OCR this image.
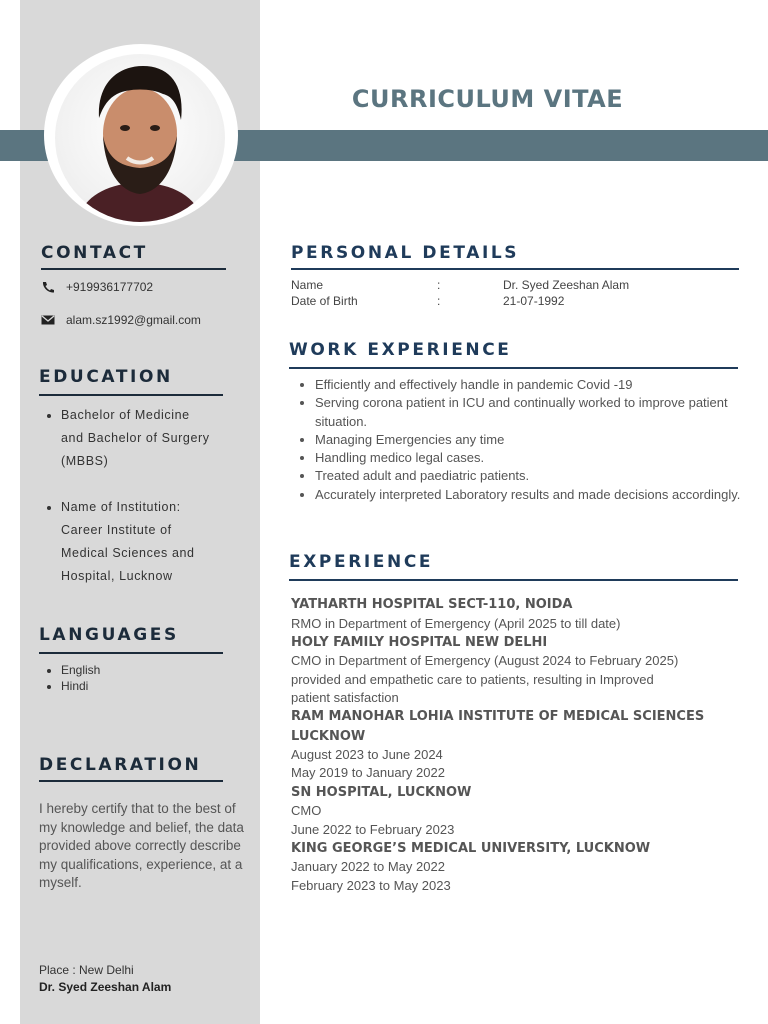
CURRICULUM VITAE
CONTACT
+919936177702
alam.sz1992@gmail.com
EDUCATION
• Bachelor of Medicine
and Bachelor of Surgery
(MBBS)
• Name of Institution:
Career Institute of
Medical Sciences and
Hospital, Lucknow
LANGUAGES
• English
• Hindi
DECLARATION
I hereby certify that to the best of my knowledge and belief, the data provided above correctly describe my qualifications, experience, at a myself.
Place : New Delhi
Dr. Syed Zeeshan Alam
PERSONAL DETAILS
Name	:	Dr. Syed Zeeshan Alam
Date of Birth	:	21-07-1992
WORK EXPERIENCE
• Efficiently and effectively handle in pandemic Covid -19
• Serving corona patient in ICU and continually worked to improve patient situation.
• Managing Emergencies any time
• Handling medico legal cases.
• Treated adult and paediatric patients.
• Accurately interpreted Laboratory results and made decisions accordingly.
EXPERIENCE
YATHARTH HOSPITAL SECT-110, NOIDA
RMO in Department of Emergency (April 2025 to till date)
HOLY FAMILY HOSPITAL NEW DELHI
CMO in Department of Emergency (August 2024 to February 2025)
provided and empathetic care to patients, resulting in Improved
patient satisfaction
RAM MANOHAR LOHIA INSTITUTE OF MEDICAL SCIENCES LUCKNOW
August 2023 to June 2024
May 2019 to January 2022
SN HOSPITAL, LUCKNOW
CMO
June 2022 to February 2023
KING GEORGE’S MEDICAL UNIVERSITY, LUCKNOW
January 2022 to May 2022
February 2023 to May 2023
